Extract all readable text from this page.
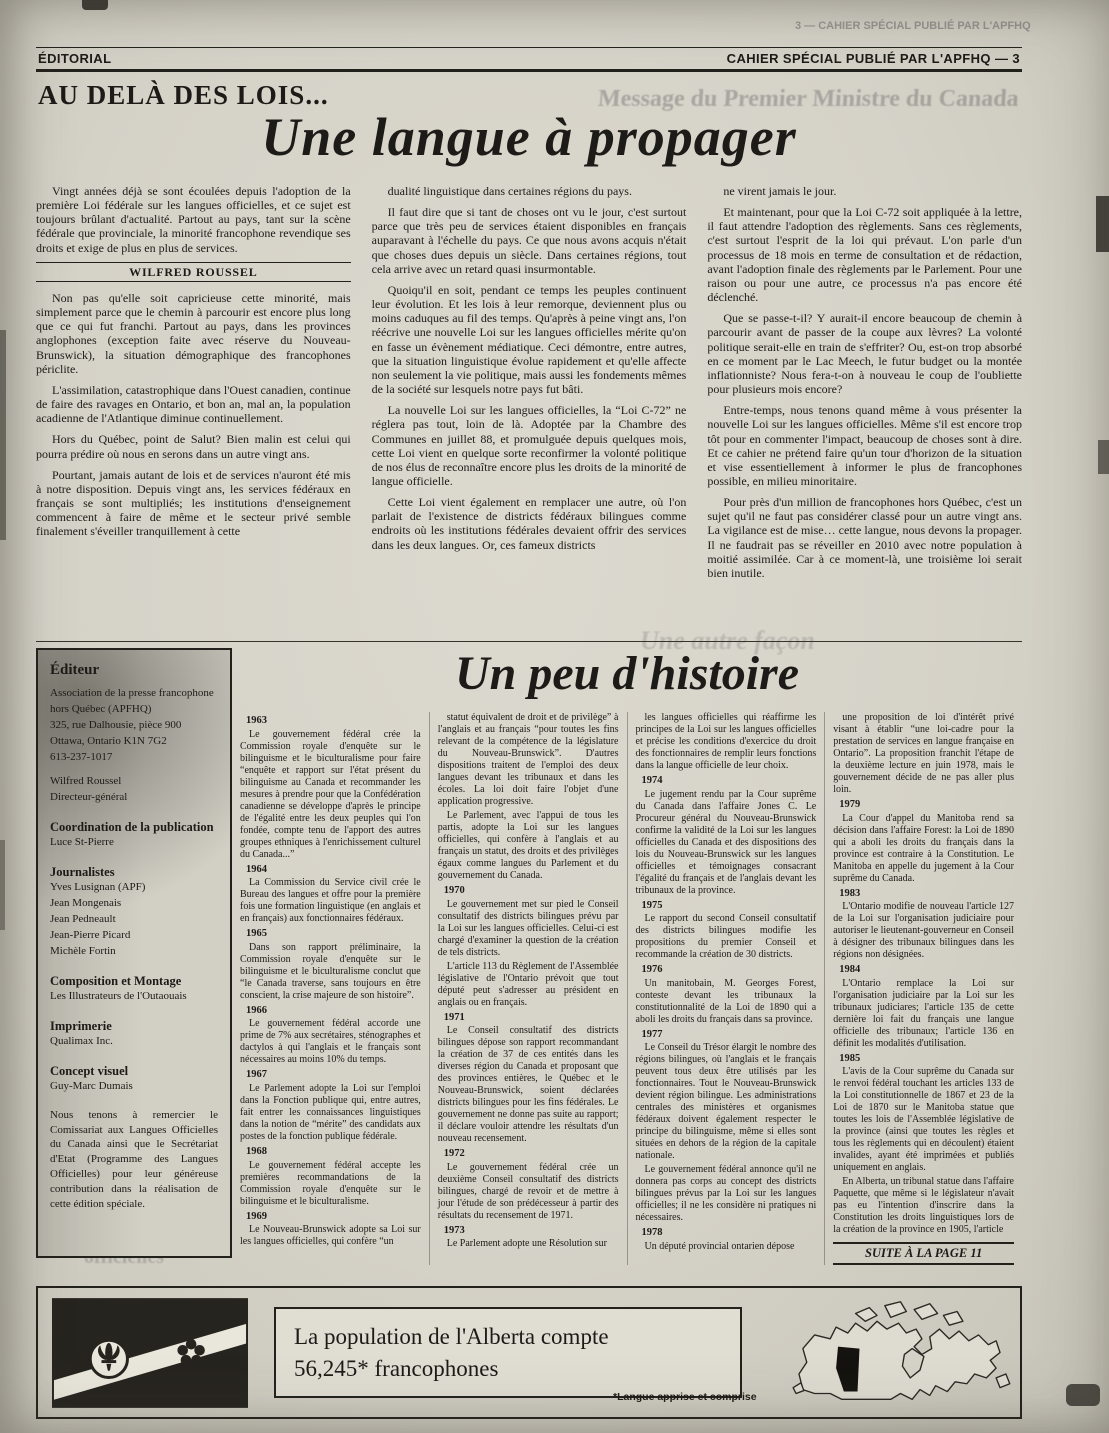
3 — CAHIER SPÉCIAL PUBLIÉ PAR L'APFHQ
Message du Premier Ministre du Canada
Une autre façon
ÉDITORIAL	CAHIER SPÉCIAL PUBLIÉ PAR L'APFHQ — 3
AU DELÀ DES LOIS...
Une langue à propager

Vingt années déjà se sont écoulées depuis l'adoption de la première Loi fédérale sur les langues officielles, et ce sujet est toujours brûlant d'actualité. Partout au pays, tant sur la scène fédérale que provinciale, la minorité francophone revendique ses droits et exige de plus en plus de services.

WILFRED ROUSSEL

Non pas qu'elle soit capricieuse cette minorité, mais simplement parce que le chemin à parcourir est encore plus long que ce qui fut franchi. Partout au pays, dans les provinces anglophones (exception faite avec réserve du Nouveau-Brunswick), la situation démographique des francophones périclite.

L'assimilation, catastrophique dans l'Ouest canadien, continue de faire des ravages en Ontario, et bon an, mal an, la population acadienne de l'Atlantique diminue continuellement.

Hors du Québec, point de Salut? Bien malin est celui qui pourra prédire où nous en serons dans un autre vingt ans.

Pourtant, jamais autant de lois et de services n'auront été mis à notre disposition. Depuis vingt ans, les services fédéraux en français se sont multipliés; les institutions d'enseignement commencent à faire de même et le secteur privé semble finalement s'éveiller tranquillement à cette

dualité linguistique dans certaines régions du pays.

Il faut dire que si tant de choses ont vu le jour, c'est surtout parce que très peu de services étaient disponibles en français auparavant à l'échelle du pays. Ce que nous avons acquis n'était que choses dues depuis un siècle. Dans certaines régions, tout cela arrive avec un retard quasi insurmontable.

Quoiqu'il en soit, pendant ce temps les peuples continuent leur évolution. Et les lois à leur remorque, deviennent plus ou moins caduques au fil des temps. Qu'après à peine vingt ans, l'on réécrive une nouvelle Loi sur les langues officielles mérite qu'on en fasse un évènement médiatique. Ceci démontre, entre autres, que la situation linguistique évolue rapidement et qu'elle affecte non seulement la vie politique, mais aussi les fondements mêmes de la société sur lesquels notre pays fut bâti.

La nouvelle Loi sur les langues officielles, la “Loi C-72” ne réglera pas tout, loin de là. Adoptée par la Chambre des Communes en juillet 88, et promulguée depuis quelques mois, cette Loi vient en quelque sorte reconfirmer la volonté politique de nos élus de reconnaître encore plus les droits de la minorité de langue officielle.

Cette Loi vient également en remplacer une autre, où l'on parlait de l'existence de districts fédéraux bilingues comme endroits où les institutions fédérales devaient offrir des services dans les deux langues. Or, ces fameux districts

ne virent jamais le jour.

Et maintenant, pour que la Loi C-72 soit appliquée à la lettre, il faut attendre l'adoption des règlements. Sans ces règlements, c'est surtout l'esprit de la loi qui prévaut. L'on parle d'un processus de 18 mois en terme de consultation et de rédaction, avant l'adoption finale des règlements par le Parlement. Pour une raison ou pour une autre, ce processus n'a pas encore été déclenché.

Que se passe-t-il? Y aurait-il encore beaucoup de chemin à parcourir avant de passer de la coupe aux lèvres? La volonté politique serait-elle en train de s'effriter? Ou, est-on trop absorbé en ce moment par le Lac Meech, le futur budget ou la montée inflationniste? Nous fera-t-on à nouveau le coup de l'oubliette pour plusieurs mois encore?

Entre-temps, nous tenons quand même à vous présenter la nouvelle Loi sur les langues officielles. Même s'il est encore trop tôt pour en commenter l'impact, beaucoup de choses sont à dire. Et ce cahier ne prétend faire qu'un tour d'horizon de la situation et vise essentiellement à informer le plus de francophones possible, en milieu minoritaire.

Pour près d'un million de francophones hors Québec, c'est un sujet qu'il ne faut pas considérer classé pour un autre vingt ans. La vigilance est de mise… cette langue, nous devons la propager. Il ne faudrait pas se réveiller en 2010 avec notre population à moitié assimilée. Car à ce moment-là, une troisième loi serait bien inutile.

Éditeur
Association de la presse francophone hors Québec (APFHQ)
325, rue Dalhousie, pièce 900
Ottawa, Ontario K1N 7G2
613-237-1017
Wilfred Roussel
Directeur-général
Coordination de la publication
Luce St-Pierre
Journalistes
Yves Lusignan (APF)
Jean Mongenais
Jean Pedneault
Jean-Pierre Picard
Michèle Fortin
Composition et Montage
Les Illustrateurs de l'Outaouais
Imprimerie
Qualimax Inc.
Concept visuel
Guy-Marc Dumais
Nous tenons à remercier le Comissariat aux Langues Officielles du Canada ainsi que le Secrétariat d'Etat (Programme des Langues Officielles) pour leur généreuse contribution dans la réalisation de cette édition spéciale.
Un peu d'histoire
1963

Le gouvernement fédéral crée la Commission royale d'enquête sur le bilinguisme et le biculturalisme pour faire “enquête et rapport sur l'état présent du bilinguisme au Canada et recommander les mesures à prendre pour que la Confédération canadienne se développe d'après le principe de l'égalité entre les deux peuples qui l'on fondée, compte tenu de l'apport des autres groupes ethniques à l'enrichissement culturel du Canada...”

1964

La Commission du Service civil crée le Bureau des langues et offre pour la première fois une formation linguistique (en anglais et en français) aux fonctionnaires fédéraux.

1965

Dans son rapport préliminaire, la Commission royale d'enquête sur le bilinguisme et le biculturalisme conclut que “le Canada traverse, sans toujours en être conscient, la crise majeure de son histoire”.

1966

Le gouvernement fédéral accorde une prime de 7% aux secrétaires, sténographes et dactylos à qui l'anglais et le français sont nécessaires au moins 10% du temps.

1967

Le Parlement adopte la Loi sur l'emploi dans la Fonction publique qui, entre autres, fait entrer les connaissances linguistiques dans la notion de “mérite” des candidats aux postes de la fonction publique fédérale.

1968

Le gouvernement fédéral accepte les premières recommandations de la Commission royale d'enquête sur le bilinguisme et le biculturalisme.

1969

Le Nouveau-Brunswick adopte sa Loi sur les langues officielles, qui confère “un

statut équivalent de droit et de privilège” à l'anglais et au français “pour toutes les fins relevant de la compétence de la législature du Nouveau-Brunswick”. D'autres dispositions traitent de l'emploi des deux langues devant les tribunaux et dans les écoles. La loi doit faire l'objet d'une application progressive.

Le Parlement, avec l'appui de tous les partis, adopte la Loi sur les langues officielles, qui confère à l'anglais et au français un statut, des droits et des privilèges égaux comme langues du Parlement et du gouvernement du Canada.

1970

Le gouvernement met sur pied le Conseil consultatif des districts bilingues prévu par la Loi sur les langues officielles. Celui-ci est chargé d'examiner la question de la création de tels districts.

L'article 113 du Règlement de l'Assemblée législative de l'Ontario prévoit que tout député peut s'adresser au président en anglais ou en français.

1971

Le Conseil consultatif des districts bilingues dépose son rapport recommandant la création de 37 de ces entités dans les diverses région du Canada et proposant que des provinces entières, le Québec et le Nouveau-Brunswick, soient déclarées districts bilingues pour les fins fédérales. Le gouvernement ne donne pas suite au rapport; il déclare vouloir attendre les résultats d'un nouveau recensement.

1972

Le gouvernement fédéral crée un deuxième Conseil consultatif des districts bilingues, chargé de revoir et de mettre à jour l'étude de son prédécesseur à partir des résultats du recensement de 1971.

1973

Le Parlement adopte une Résolution sur

les langues officielles qui réaffirme les principes de la Loi sur les langues officielles et précise les conditions d'exercice du droit des fonctionnaires de remplir leurs fonctions dans la langue officielle de leur choix.

1974

Le jugement rendu par la Cour suprême du Canada dans l'affaire Jones C. Le Procureur général du Nouveau-Brunswick confirme la validité de la Loi sur les langues officielles du Canada et des dispositions des lois du Nouveau-Brunswick sur les langues officielles et témoignages consacrant l'égalité du français et de l'anglais devant les tribunaux de la province.

1975

Le rapport du second Conseil consultatif des districts bilingues modifie les propositions du premier Conseil et recommande la création de 30 districts.

1976

Un manitobain, M. Georges Forest, conteste devant les tribunaux la constitutionnalité de la Loi de 1890 qui a aboli les droits du français dans sa province.

1977

Le Conseil du Trésor élargit le nombre des régions bilingues, où l'anglais et le français peuvent tous deux être utilisés par les fonctionnaires. Tout le Nouveau-Brunswick devient région bilingue. Les administrations centrales des ministères et organismes fédéraux doivent également respecter le principe du bilinguisme, même si elles sont situées en dehors de la région de la capitale nationale.

Le gouvernement fédéral annonce qu'il ne donnera pas corps au concept des districts bilingues prévus par la Loi sur les langues officielles; il ne les considère ni pratiques ni nécessaires.

1978

Un député provincial ontarien dépose

une proposition de loi d'intérêt privé visant à établir “une loi-cadre pour la prestation de services en langue française en Ontario”. La proposition franchit l'étape de la deuxième lecture en juin 1978, mais le gouvernement décide de ne pas aller plus loin.

1979

La Cour d'appel du Manitoba rend sa décision dans l'affaire Forest: la Loi de 1890 qui a aboli les droits du français dans la province est contraire à la Constitution. Le Manitoba en appelle du jugement à la Cour suprême du Canada.

1983

L'Ontario modifie de nouveau l'article 127 de la Loi sur l'organisation judiciaire pour autoriser le lieutenant-gouverneur en Conseil à désigner des tribunaux bilingues dans les régions non désignées.

1984

L'Ontario remplace la Loi sur l'organisation judiciaire par la Loi sur les tribunaux judiciares; l'article 135 de cette dernière loi fait du français une langue officielle des tribunaux; l'article 136 en définit les modalités d'utilisation.

1985

L'avis de la Cour suprême du Canada sur le renvoi fédéral touchant les articles 133 de la Loi constitutionnelle de 1867 et 23 de la Loi de 1870 sur le Manitoba statue que toutes les lois de l'Assemblée législative de la province (ainsi que toutes les règles et tous les règlements qui en découlent) étaient invalides, ayant été imprimées et publiés uniquement en anglais.

En Alberta, un tribunal statue dans l'affaire Paquette, que même si le législateur n'avait pas eu l'intention d'inscrire dans la Constitution les droits linguistiques lors de la création de la province en 1905, l'article

SUITE À LA PAGE 11
La population de l'Alberta compte
56,245* francophones
*Langue apprise et comprise
